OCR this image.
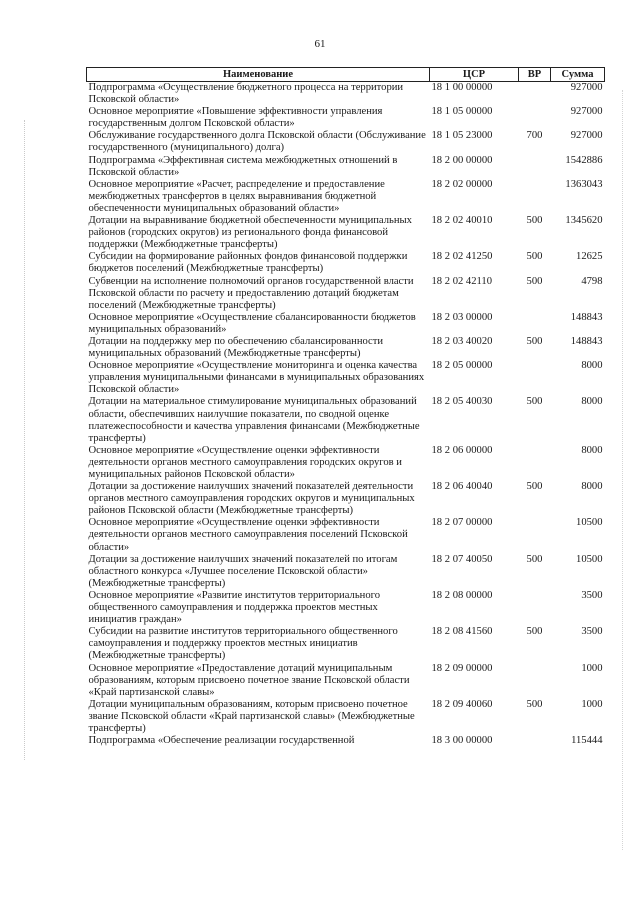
61
Наименование	ЦСР	ВР	Сумма
Подпрограмма «Осуществление бюджетного процесса на территории Псковской области»	18 1 00 00000		927000
Основное мероприятие «Повышение эффективности управления государственным долгом Псковской области»	18 1 05 00000		927000
Обслуживание государственного долга Псковской области (Обслуживание государственного (муниципального) долга)	18 1 05 23000	700	927000
Подпрограмма «Эффективная система межбюджетных отношений в Псковской области»	18 2 00 00000		1542886
Основное мероприятие «Расчет, распределение и предоставление межбюджетных трансфертов в целях выравнивания бюджетной обеспеченности муниципальных образований области»	18 2 02 00000		1363043
Дотации на выравнивание бюджетной обеспеченности муниципальных районов (городских округов) из регионального фонда финансовой поддержки (Межбюджетные трансферты)	18 2 02 40010	500	1345620
Субсидии на формирование районных фондов финансовой поддержки бюджетов поселений (Межбюджетные трансферты)	18 2 02 41250	500	12625
Субвенции на исполнение полномочий органов государственной власти Псковской области по расчету и предоставлению дотаций бюджетам поселений (Межбюджетные трансферты)	18 2 02 42110	500	4798
Основное мероприятие «Осуществление сбалансированности бюджетов муниципальных образований»	18 2 03 00000		148843
Дотации на поддержку мер по обеспечению сбалансированности муниципальных образований (Межбюджетные трансферты)	18 2 03 40020	500	148843
Основное мероприятие «Осуществление мониторинга и оценка качества управления муниципальными финансами в муниципальных образованиях Псковской области»	18 2 05 00000		8000
Дотации на материальное стимулирование муниципальных образований области, обеспечивших наилучшие показатели, по сводной оценке платежеспособности и качества управления финансами (Межбюджетные трансферты)	18 2 05 40030	500	8000
Основное мероприятие «Осуществление оценки эффективности деятельности органов местного самоуправления городских округов и муниципальных районов Псковской области»	18 2 06 00000		8000
Дотации за достижение наилучших значений показателей деятельности органов местного самоуправления городских округов и муниципальных районов Псковской области (Межбюджетные трансферты)	18 2 06 40040	500	8000
Основное мероприятие «Осуществление оценки эффективности деятельности органов местного самоуправления поселений Псковской области»	18 2 07 00000		10500
Дотации за достижение наилучших значений показателей по итогам областного конкурса «Лучшее поселение Псковской области» (Межбюджетные трансферты)	18 2 07 40050	500	10500
Основное мероприятие «Развитие институтов территориального общественного самоуправления и поддержка проектов местных инициатив граждан»	18 2 08 00000		3500
Субсидии на развитие институтов территориального общественного самоуправления и поддержку проектов местных инициатив (Межбюджетные трансферты)	18 2 08 41560	500	3500
Основное мероприятие «Предоставление дотаций муниципальным образованиям, которым присвоено почетное звание Псковской области «Край партизанской славы»	18 2 09 00000		1000
Дотации муниципальным образованиям, которым присвоено почетное звание Псковской области «Край партизанской славы» (Межбюджетные трансферты)	18 2 09 40060	500	1000
Подпрограмма «Обеспечение реализации государственной	18 3 00 00000		115444
